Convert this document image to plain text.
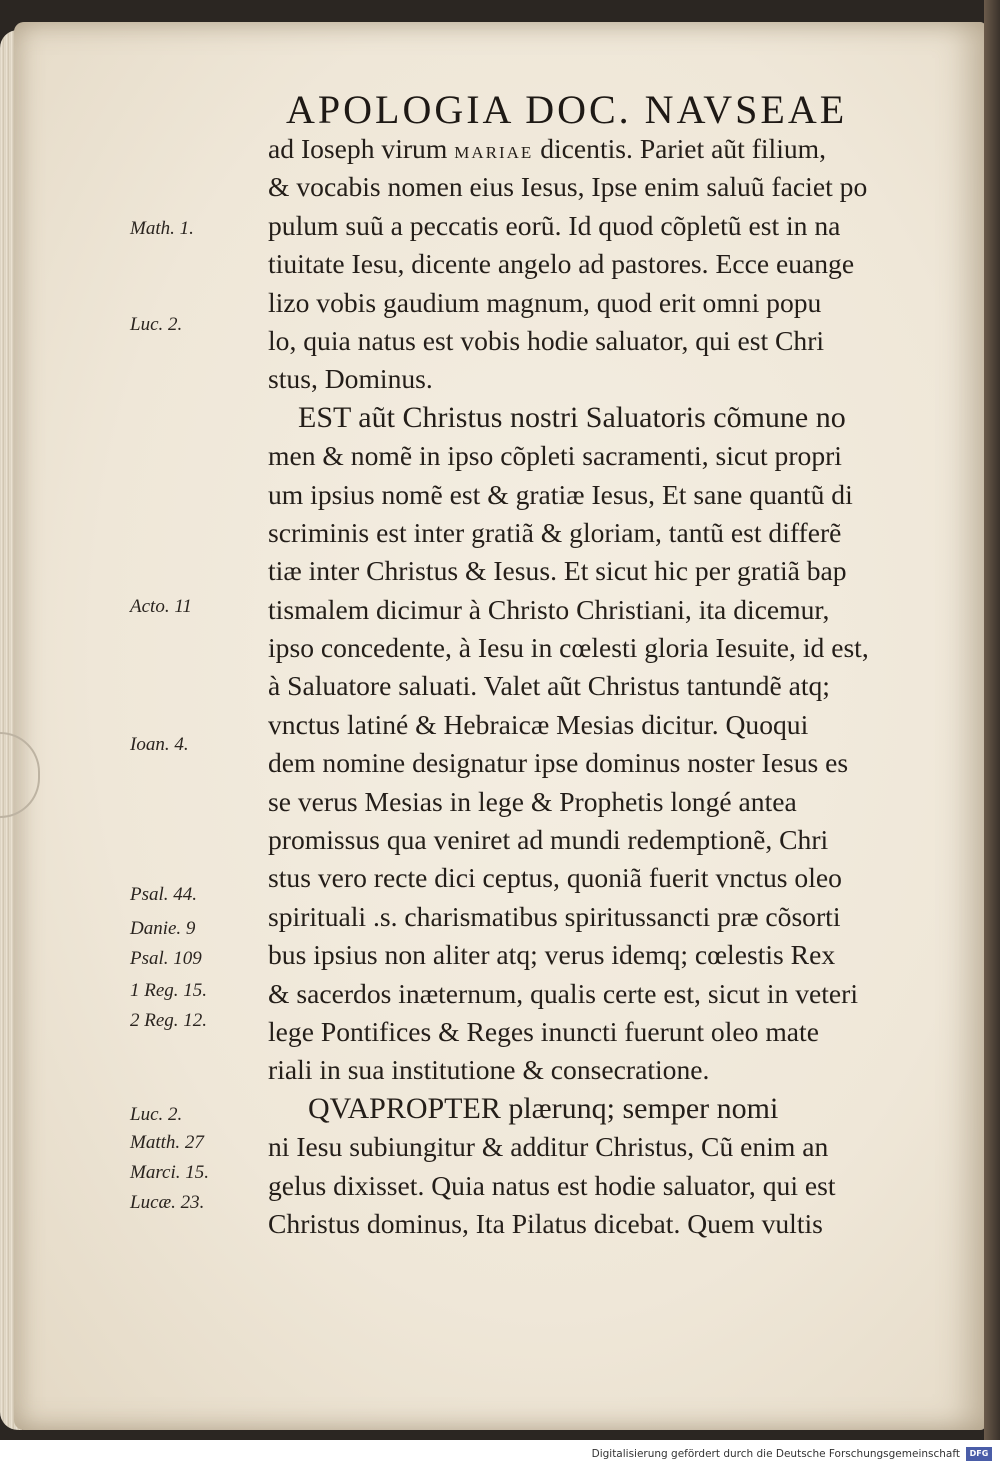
APOLOGIA DOC. NAVSEAE
ad Ioseph virum MARIAE dicentis. Pariet aũt filium,
& vocabis nomen eius Iesus, Ipse enim saluũ faciet po
pulum suũ a peccatis eorũ. Id quod cõpletũ est in na
tiuitate Iesu, dicente angelo ad pastores. Ecce euange
lizo vobis gaudium magnum, quod erit omni popu
lo, quia natus est vobis hodie saluator, qui est Chri
stus, Dominus.
EST aũt Christus nostri Saluatoris cõmune no
men & nomẽ in ipso cõpleti sacramenti, sicut propri
um ipsius nomẽ est & gratiæ Iesus, Et sane quantũ di
scriminis est inter gratiã & gloriam, tantũ est differẽ
tiæ inter Christus & Iesus. Et sicut hic per gratiã bap
tismalem dicimur à Christo Christiani, ita dicemur,
ipso concedente, à Iesu in cœlesti gloria Iesuite, id est,
à Saluatore saluati. Valet aũt Christus tantundẽ atq;
vnctus latiné & Hebraicæ Mesias dicitur. Quoqui
dem nomine designatur ipse dominus noster Iesus es
se verus Mesias in lege & Prophetis longé antea
promissus qua veniret ad mundi redemptionẽ, Chri
stus vero recte dici ceptus, quoniã fuerit vnctus oleo
spirituali .s. charismatibus spiritussancti præ cõsorti
bus ipsius non aliter atq; verus idemq; cœlestis Rex
& sacerdos inæternum, qualis certe est, sicut in veteri
lege Pontifices & Reges inuncti fuerunt oleo mate
riali in sua institutione & consecratione.
QVAPROPTER plærunq; semper nomi
ni Iesu subiungitur & additur Christus, Cũ enim an
gelus dixisset. Quia natus est hodie saluator, qui est
Christus dominus, Ita Pilatus dicebat. Quem vultis
Math. 1.
Luc. 2.
Acto. 11
Ioan. 4.
Psal. 44.
Danie. 9
Psal. 109
1 Reg. 15.
2 Reg. 12.
Luc. 2.
Matth. 27
Marci. 15.
Lucæ. 23.
Digitalisierung gefördert durch die Deutsche Forschungsgemeinschaft	DFG
